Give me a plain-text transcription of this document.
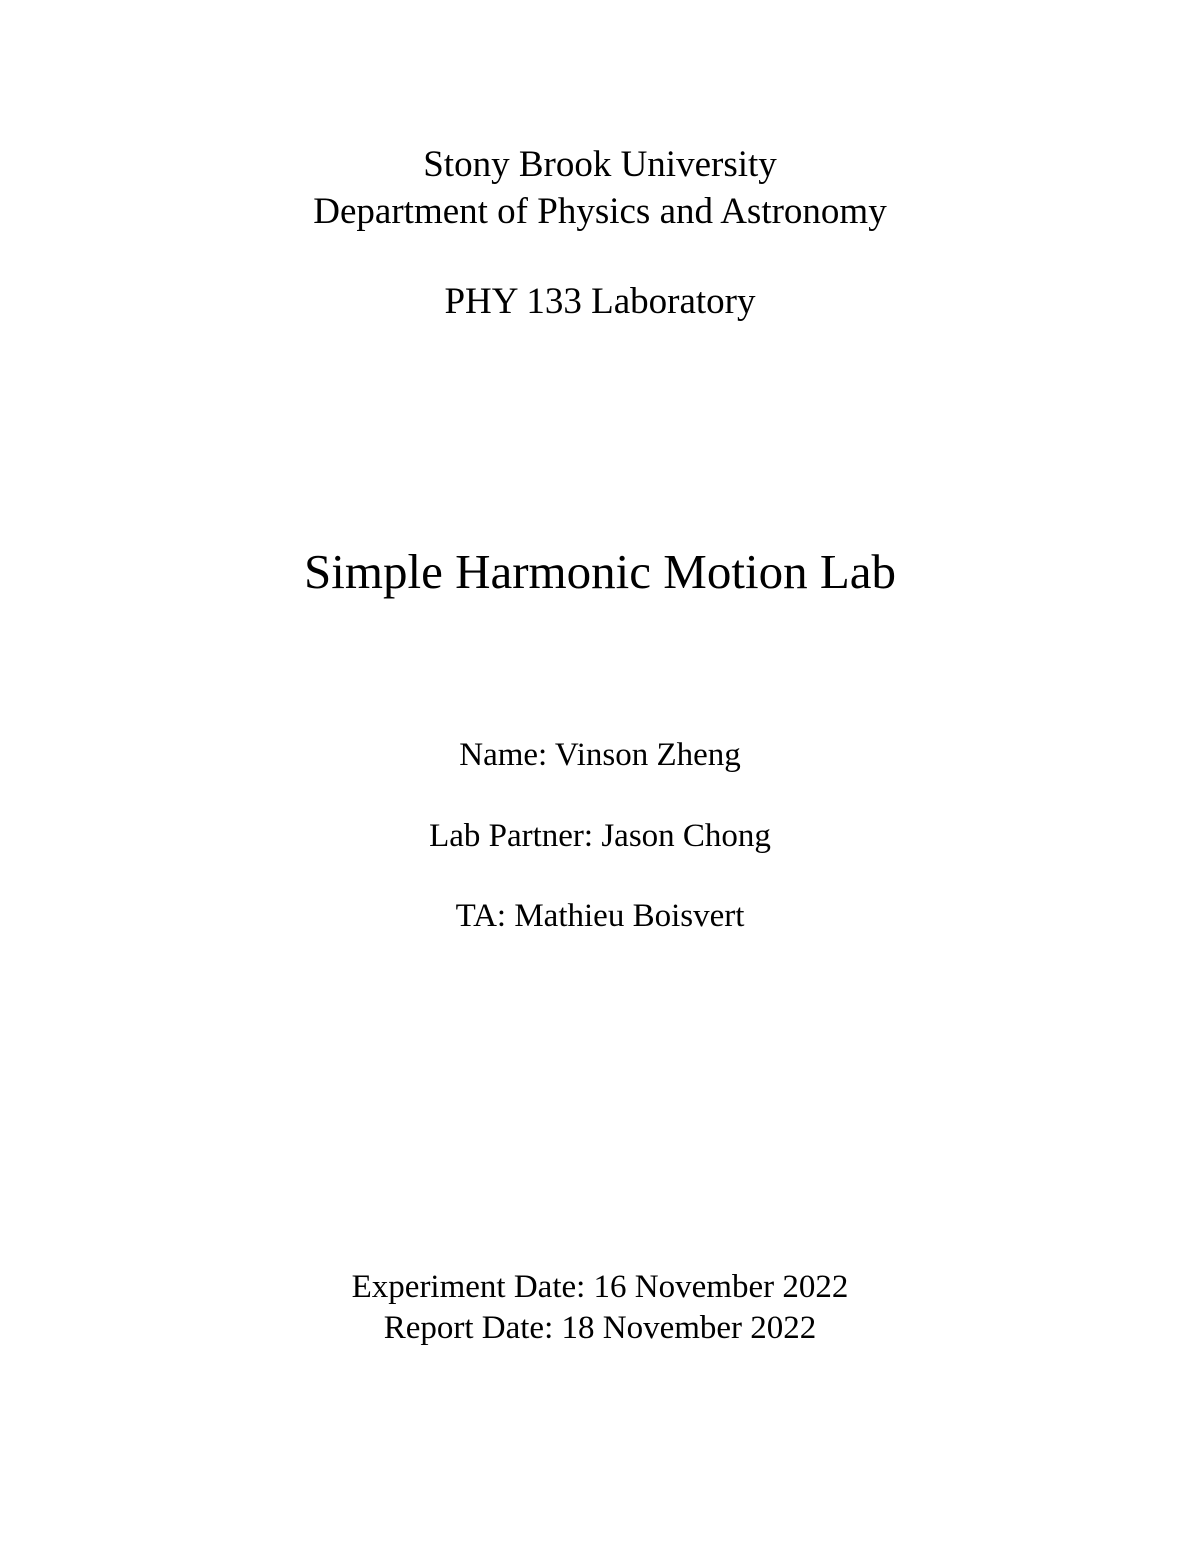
Stony Brook University
Department of Physics and Astronomy
PHY 133 Laboratory
Simple Harmonic Motion Lab
Name: Vinson Zheng
Lab Partner: Jason Chong
TA: Mathieu Boisvert
Experiment Date: 16 November 2022
Report Date: 18 November 2022
